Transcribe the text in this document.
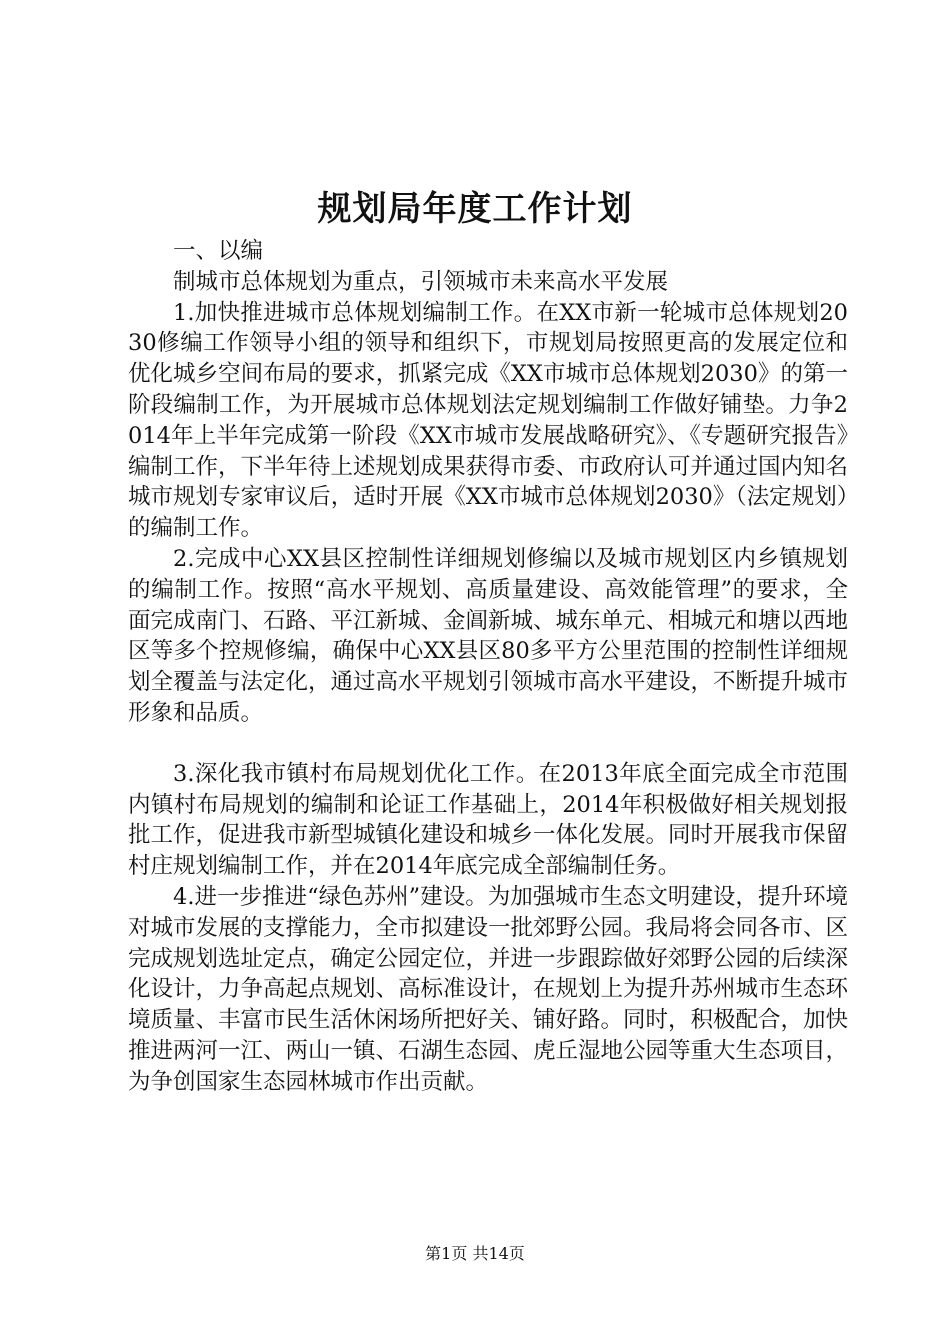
规划局年度工作计划

一、以编

制城市总体规划为重点，引领城市未来高水平发展

1.加快推进城市总体规划编制工作。在XX市新一轮城市总体规划2030修编工作领导小组的领导和组织下，市规划局按照更高的发展定位和优化城乡空间布局的要求，抓紧完成《XX市城市总体规划2030》的第一阶段编制工作，为开展城市总体规划法定规划编制工作做好铺垫。力争2014年上半年完成第一阶段《XX市城市发展战略研究》、《专题研究报告》编制工作，下半年待上述规划成果获得市委、市政府认可并通过国内知名城市规划专家审议后，适时开展《XX市城市总体规划2030》（法定规划）的编制工作。

2.完成中心XX县区控制性详细规划修编以及城市规划区内乡镇规划的编制工作。按照“高水平规划、高质量建设、高效能管理”的要求，全面完成南门、石路、平江新城、金阊新城、城东单元、相城元和塘以西地区等多个控规修编，确保中心XX县区80多平方公里范围的控制性详细规划全覆盖与法定化，通过高水平规划引领城市高水平建设，不断提升城市形象和品质。

3.深化我市镇村布局规划优化工作。在2013年底全面完成全市范围内镇村布局规划的编制和论证工作基础上，2014年积极做好相关规划报批工作，促进我市新型城镇化建设和城乡一体化发展。同时开展我市保留村庄规划编制工作，并在2014年底完成全部编制任务。

4.进一步推进“绿色苏州”建设。为加强城市生态文明建设，提升环境对城市发展的支撑能力，全市拟建设一批郊野公园。我局将会同各市、区完成规划选址定点，确定公园定位，并进一步跟踪做好郊野公园的后续深化设计，力争高起点规划、高标准设计，在规划上为提升苏州城市生态环境质量、丰富市民生活休闲场所把好关、铺好路。同时，积极配合，加快推进两河一江、两山一镇、石湖生态园、虎丘湿地公园等重大生态项目，为争创国家生态园林城市作出贡献。

第1页 共14页
